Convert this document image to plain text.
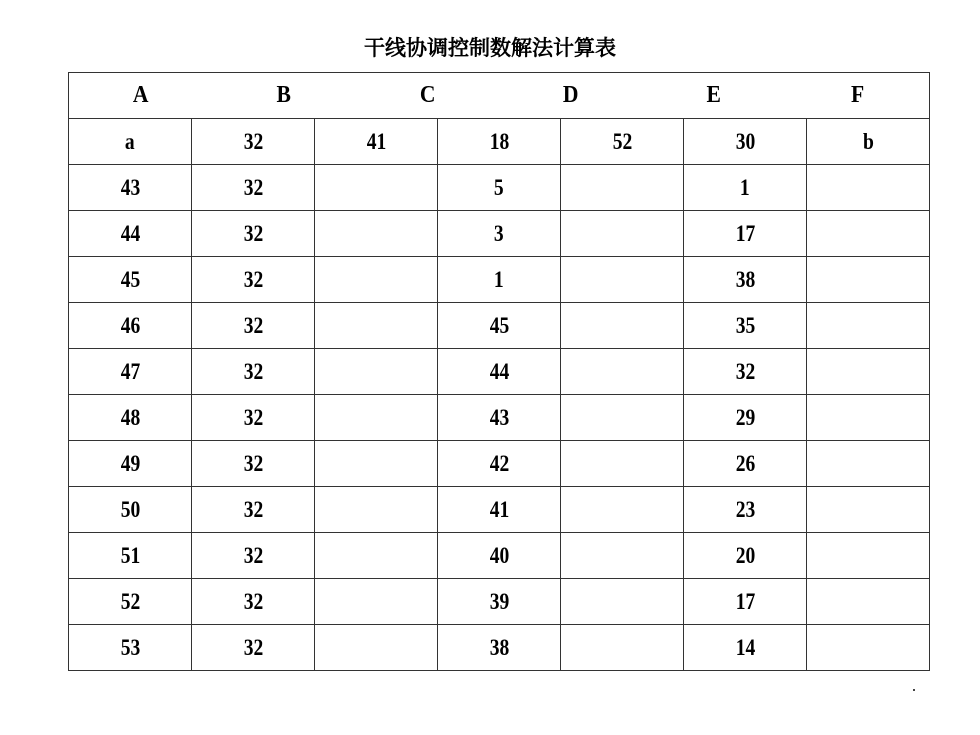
干线协调控制数解法计算表
A	B	C	D	E	F
a	32	41	18	52	30	b
43	32		5		1	
44	32		3		17	
45	32		1		38	
46	32		45		35	
47	32		44		32	
48	32		43		29	
49	32		42		26	
50	32		41		23	
51	32		40		20	
52	32		39		17	
53	32		38		14	
